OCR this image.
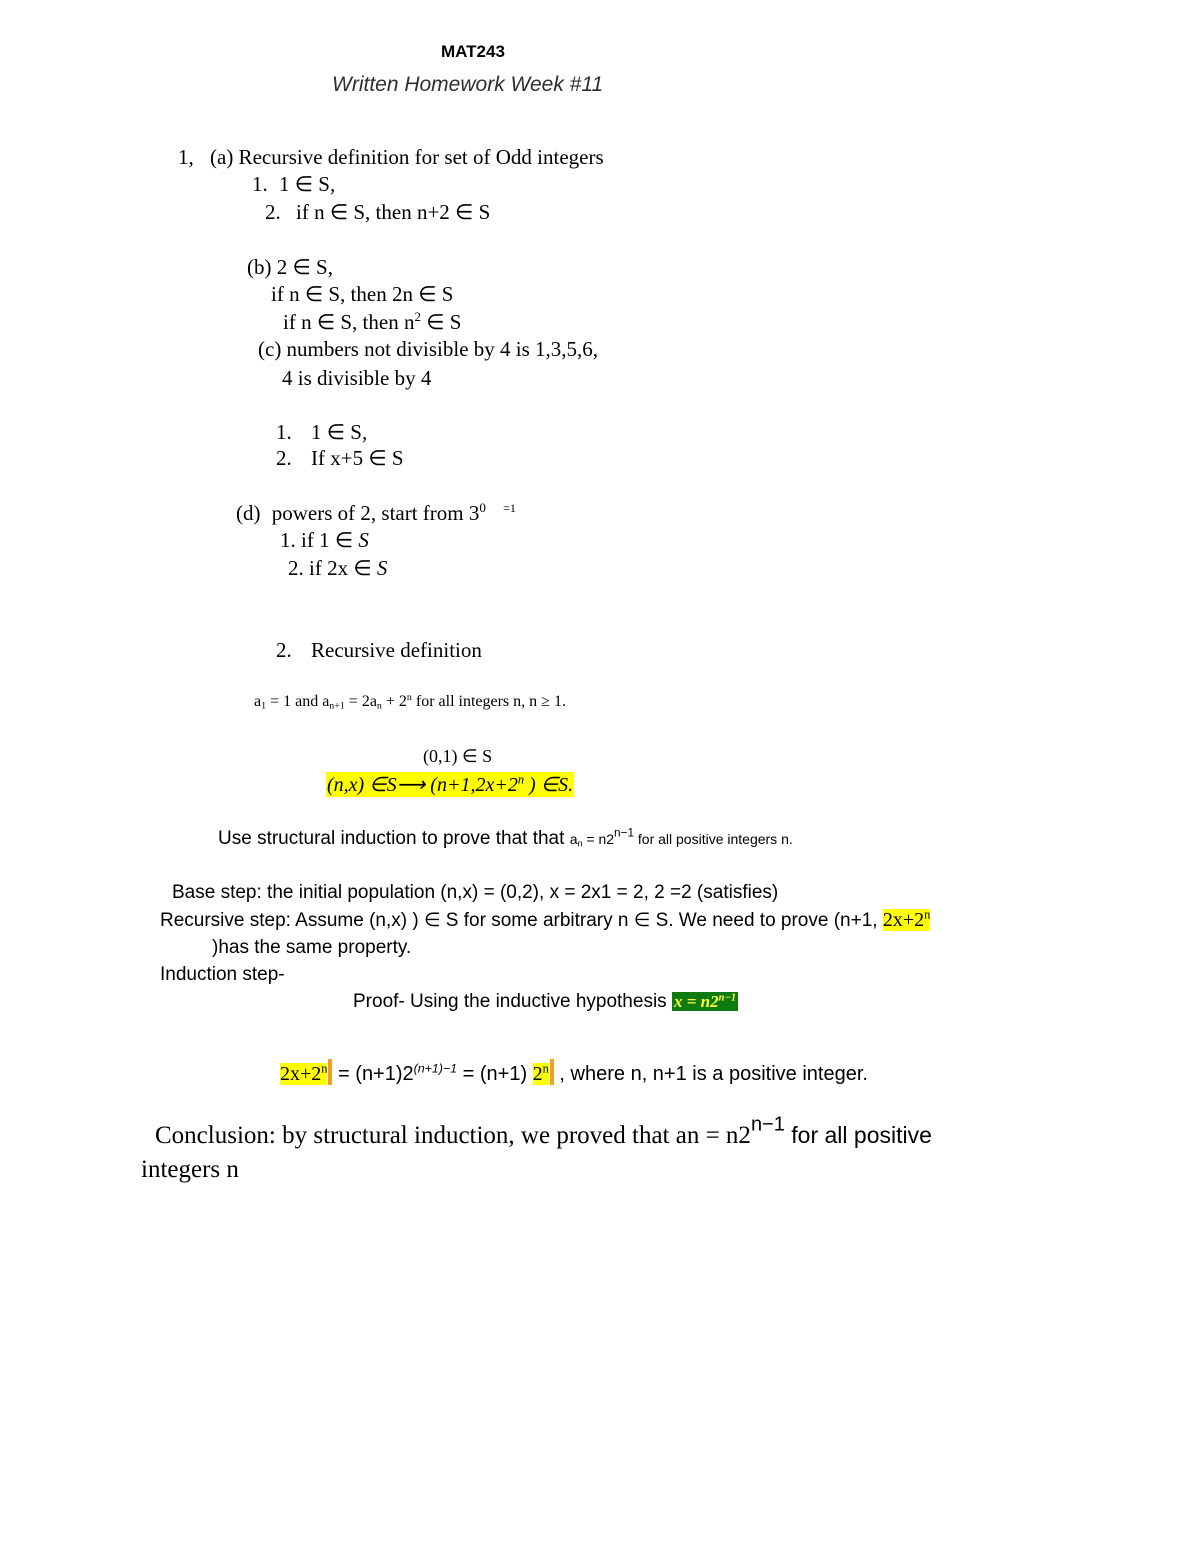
MAT243
Written Homework Week #11
1, (a) Recursive definition for set of Odd integers
1. 1 ∈ S,
2. if n ∈ S, then n+2 ∈ S
(b) 2 ∈ S,
if n ∈ S, then 2n ∈ S
if n ∈ S, then $n^2$ ∈ S
(c) numbers not divisible by 4 is 1,3,5,6,
4 is divisible by 4
1. 1 ∈ S,
2. If x+5 ∈ S
(d) powers of 2, start from $3^0$ $^{=1}$
1. if 1 ∈ S
2. if 2x ∈ S
2. Recursive definition
$a_1 = 1$ and $a_{n+1} = 2a_n + 2^n$ for all integers n, n ≥ 1.
(0,1) ∈ S
(n,x) ∈S⟶ ($n+1,2x+2^n$ ) ∈S.
Use structural induction to prove that that $a_n = n2^{n-1}$ for all positive integers n.
Base step: the initial population (n,x) = (0,2), x = 2x1 = 2, 2 =2 (satisfies)
Recursive step: Assume (n,x) ) ∈ S for some arbitrary n ∈ S. We need to prove (n+1, $2x+2^n$
)has the same property.
Induction step-
Proof- Using the inductive hypothesis $x = n2^{n-1}$
$2x+2^n = (n+1)2^{(n+1)-1} = (n+1)$ 2$^n$ , where n, n+1 is a positive integer.
Conclusion: by structural induction, we proved that an = $n2^{n-1}$ for all positive
integers n
